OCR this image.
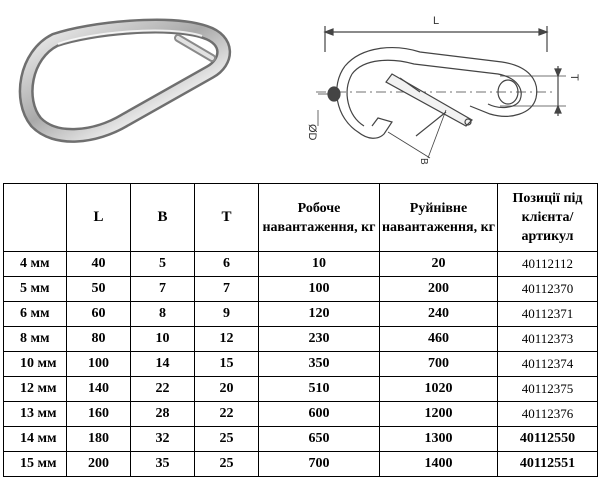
L
T
ØD
B
	L	B	T	Робоче навантаження, кг	Руйнівне навантаження, кг	Позиції під клієнта/ артикул
4 мм	40	5	6	10	20	40112112
5 мм	50	7	7	100	200	40112370
6 мм	60	8	9	120	240	40112371
8 мм	80	10	12	230	460	40112373
10 мм	100	14	15	350	700	40112374
12 мм	140	22	20	510	1020	40112375
13 мм	160	28	22	600	1200	40112376
14 мм	180	32	25	650	1300	40112550
15 мм	200	35	25	700	1400	40112551
